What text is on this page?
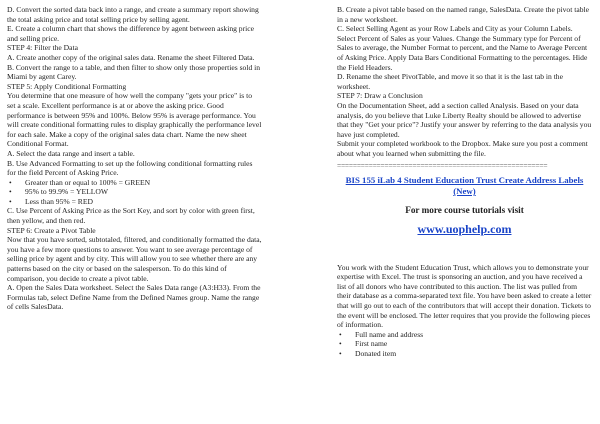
D. Convert the sorted data back into a range, and create a summary report showing the total asking price and total selling price by selling agent.

E. Create a column chart that shows the difference by agent between asking price and selling price.

STEP 4: Filter the Data

A. Create another copy of the original sales data. Rename the sheet Filtered Data.

B. Convert the range to a table, and then filter to show only those properties sold in Miami by agent Carey.

STEP 5: Apply Conditional Formatting

You determine that one measure of how well the company "gets your price" is to set a scale. Excellent performance is at or above the asking price. Good performance is between 95% and 100%. Below 95% is average performance. You will create conditional formatting rules to display graphically the performance level for each sale. Make a copy of the original sales data chart. Name the new sheet Conditional Format.

A. Select the data range and insert a table.

B. Use Advanced Formatting to set up the following conditional formatting rules for the field Percent of Asking Price.

•	Greater than or equal to 100% = GREEN
•	95% to 99.9% = YELLOW
•	Less than 95% = RED

C. Use Percent of Asking Price as the Sort Key, and sort by color with green first, then yellow, and then red.

STEP 6: Create a Pivot Table

Now that you have sorted, subtotaled, filtered, and conditionally formatted the data, you have a few more questions to answer. You want to see average percentage of selling price by agent and by city. This will allow you to see whether there are any patterns based on the city or based on the salesperson. To do this kind of comparison, you decide to create a pivot table.

A. Open the Sales Data worksheet. Select the Sales Data range (A3:H33). From the Formulas tab, select Define Name from the Defined Names group. Name the range of cells SalesData.

B. Create a pivot table based on the named range, SalesData. Create the pivot table in a new worksheet.

C. Select Selling Agent as your Row Labels and City as your Column Labels. Select Percent of Sales as your Values. Change the Summary type for Percent of Sales to average, the Number Format to percent, and the Name to Average Percent of Asking Price. Apply Data Bars Conditional Formatting to the percentages. Hide the Field Headers.

D. Rename the sheet PivotTable, and move it so that it is the last tab in the worksheet.

STEP 7: Draw a Conclusion

On the Documentation Sheet, add a section called Analysis. Based on your data analysis, do you believe that Luke Liberty Realty should be allowed to advertise that they "Get your price"? Justify your answer by referring to the data analysis you have just completed.

Submit your completed workbook to the Dropbox. Make sure you post a comment about what you learned when submitting the file.

=====================================================
BIS 155 iLab 4 Student Education Trust Create Address Labels (New)
For more course tutorials visit
www.uophelp.com

You work with the Student Education Trust, which allows you to demonstrate your expertise with Excel. The trust is sponsoring an auction, and you have received a list of all donors who have contributed to this auction. The list was pulled from their database as a comma-separated text file. You have been asked to create a letter that will go out to each of the contributors that will accept their donation. Tickets to the event will be enclosed. The letter requires that you provide the following pieces of information.

•	Full name and address
•	First name
•	Donated item
